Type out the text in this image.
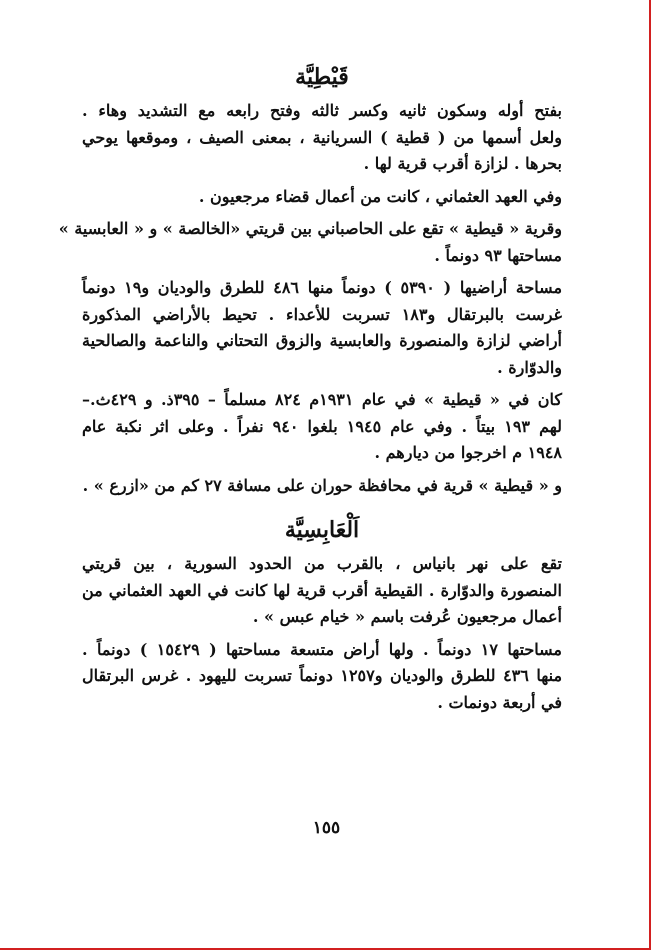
قَيْطِيَّة
بفتح أوله وسكون ثانيه وكسر ثالثه وفتح رابعه مع التشديد وهاء .
ولعل أسمها من ( قطية ) السريانية ، بمعنى الصيف ، وموقعها يوحي
بحرها . لزازة أقرب قرية لها .
وفي العهد العثماني ، كانت من أعمال قضاء مرجعيون .
وقرية « قيطية » تقع على الحاصباني بين قريتي «الخالصة » و « العابسية »
مساحتها ۹۳ دونماً .
مساحة أراضيها ( ٥٣٩٠ ) دونماً منها ٤٨٦ للطرق والوديان و۱۹ دونماً
غرست بالبرتقال و١٨٣ تسربت للأعداء . تحيط بالأراضي المذكورة
أراضي لزازة والمنصورة والعابسية والزوق التحتاني والناعمة والصالحية
والدوّارة .
كان في « قيطية » في عام ١٩٣١م ٨٢٤ مسلماً – ٣٩٥ذ. و ٤٢٩ث.–
لهم ١٩٣ بيتاً . وفي عام ١٩٤٥ بلغوا ٩٤٠ نفراً . وعلى اثر نكبة عام
١٩٤٨ م اخرجوا من ديارهم .
و « قيطية » قرية في محافظة حوران على مسافة ٢٧ كم من «ازرع » .
اَلْعَابِسِيَّة
تقع على نهر بانياس ، بالقرب من الحدود السورية ، بين قريتي
المنصورة والدوّارة . القيطية أقرب قرية لها كانت في العهد العثماني من
أعمال مرجعيون عُرفت باسم « خيام عبس » .
مساحتها ١٧ دونماً . ولها أراض متسعة مساحتها ( ١٥٤٢٩ ) دونماً .
منها ٤٣٦ للطرق والوديان و١٢٥٧ دونماً تسربت لليهود . غرس البرتقال
في أربعة دونمات .
١٥٥
